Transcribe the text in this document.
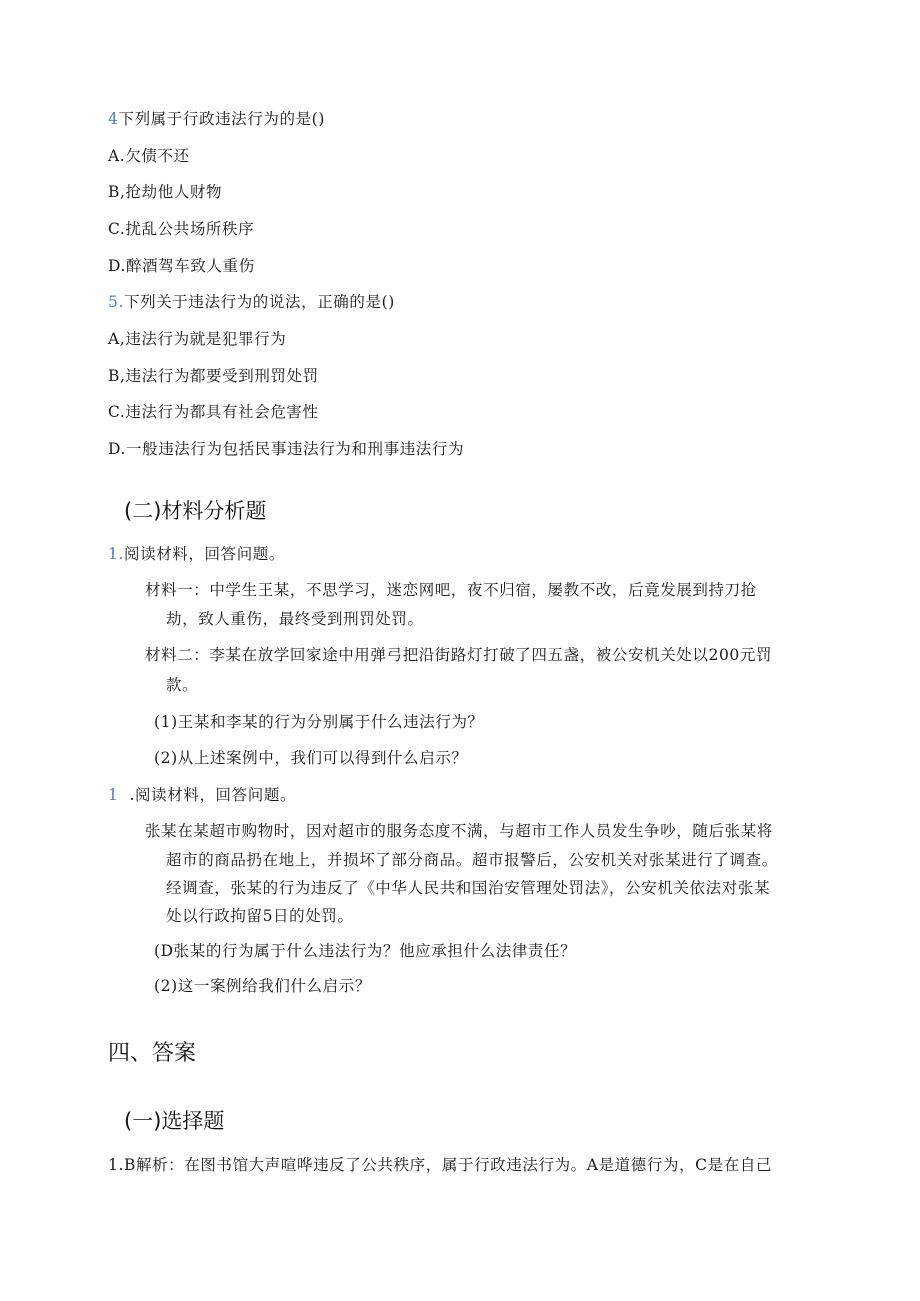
4下列属于行政违法行为的是()
A.欠债不还
B,抢劫他人财物
C.扰乱公共场所秩序
D.醉酒驾车致人重伤
5.下列关于违法行为的说法，正确的是()
A,违法行为就是犯罪行为
B,违法行为都要受到刑罚处罚
C.违法行为都具有社会危害性
D.一般违法行为包括民事违法行为和刑事违法行为
(二)材料分析题
1.阅读材料，回答问题。
材料一：中学生王某，不思学习，迷恋网吧，夜不归宿，屡教不改，后竟发展到持刀抢
劫，致人重伤，最终受到刑罚处罚。
材料二：李某在放学回家途中用弹弓把沿街路灯打破了四五盏，被公安机关处以200元罚
款。
(1)王某和李某的行为分别属于什么违法行为？
(2)从上述案例中，我们可以得到什么启示？
1 .阅读材料，回答问题。
张某在某超市购物时，因对超市的服务态度不满，与超市工作人员发生争吵，随后张某将
超市的商品扔在地上，并损坏了部分商品。超市报警后，公安机关对张某进行了调查。
经调查，张某的行为违反了《中华人民共和国治安管理处罚法》，公安机关依法对张某
处以行政拘留5日的处罚。
(D张某的行为属于什么违法行为？他应承担什么法律责任？
(2)这一案例给我们什么启示？
四、答案
(一)选择题
1.B解析：在图书馆大声喧哗违反了公共秩序，属于行政违法行为。A是道德行为，C是在自己
